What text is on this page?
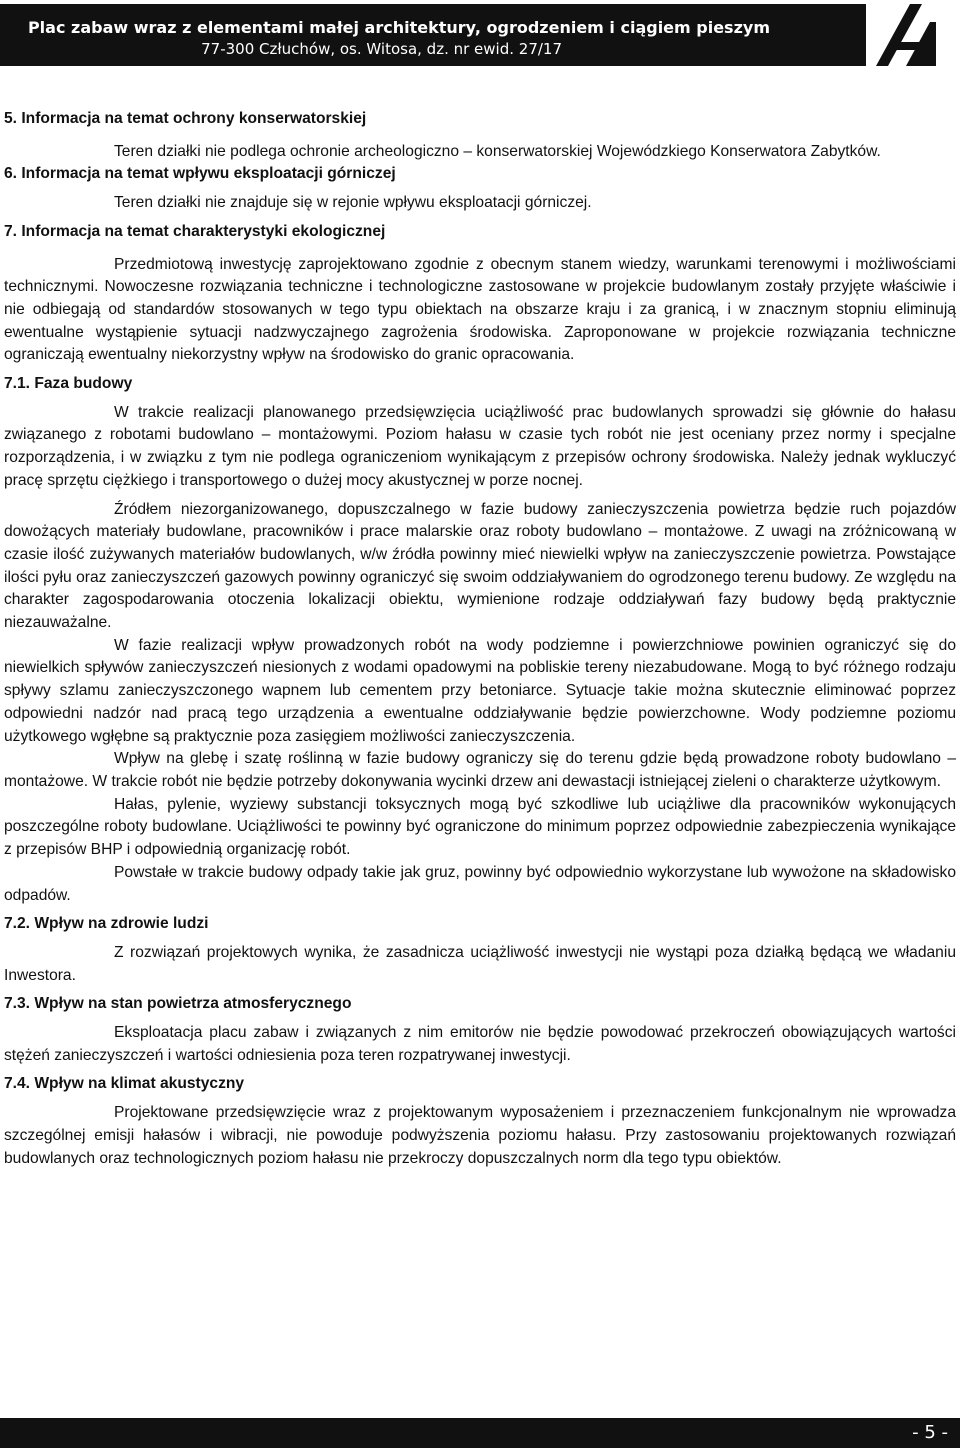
Plac zabaw wraz z elementami małej architektury, ogrodzeniem i ciągiem pieszym
77-300 Człuchów, os. Witosa, dz. nr ewid. 27/17
5. Informacja na temat ochrony konserwatorskiej

Teren działki nie podlega ochronie archeologiczno – konserwatorskiej Wojewódzkiego Konserwatora Zabytków.

6. Informacja na temat wpływu eksploatacji górniczej

Teren działki nie znajduje się w rejonie wpływu eksploatacji górniczej.

7. Informacja na temat charakterystyki ekologicznej

Przedmiotową inwestycję zaprojektowano zgodnie z obecnym stanem wiedzy, warunkami terenowymi i możliwościami technicznymi. Nowoczesne rozwiązania techniczne i technologiczne zastosowane w projekcie budowlanym zostały przyjęte właściwie i nie odbiegają od standardów stosowanych w tego typu obiektach na obszarze kraju i za granicą, i w znacznym stopniu eliminują ewentualne wystąpienie sytuacji nadzwyczajnego zagrożenia środowiska. Zaproponowane w projekcie rozwiązania techniczne ograniczają ewentualny niekorzystny wpływ na środowisko do granic opracowania.

7.1. Faza budowy

W trakcie realizacji planowanego przedsięwzięcia uciążliwość prac budowlanych sprowadzi się głównie do hałasu związanego z robotami budowlano – montażowymi. Poziom hałasu w czasie tych robót nie jest oceniany przez normy i specjalne rozporządzenia, i w związku z tym nie podlega ograniczeniom wynikającym z przepisów ochrony środowiska. Należy jednak wykluczyć pracę sprzętu ciężkiego i transportowego o dużej mocy akustycznej w porze nocnej.

Źródłem niezorganizowanego, dopuszczalnego w fazie budowy zanieczyszczenia powietrza będzie ruch pojazdów dowożących materiały budowlane, pracowników i prace malarskie oraz roboty budowlano – montażowe. Z uwagi na zróżnicowaną w czasie ilość zużywanych materiałów budowlanych, w/w źródła powinny mieć niewielki wpływ na zanieczyszczenie powietrza. Powstające ilości pyłu oraz zanieczyszczeń gazowych powinny ograniczyć się swoim oddziaływaniem do ogrodzonego terenu budowy. Ze względu na charakter zagospodarowania otoczenia lokalizacji obiektu, wymienione rodzaje oddziaływań fazy budowy będą praktycznie niezauważalne.

W fazie realizacji wpływ prowadzonych robót na wody podziemne i powierzchniowe powinien ograniczyć się do niewielkich spływów zanieczyszczeń niesionych z wodami opadowymi na pobliskie tereny niezabudowane. Mogą to być różnego rodzaju spływy szlamu zanieczyszczonego wapnem lub cementem przy betoniarce. Sytuacje takie można skutecznie eliminować poprzez odpowiedni nadzór nad pracą tego urządzenia a ewentualne oddziaływanie będzie powierzchowne. Wody podziemne poziomu użytkowego wgłębne są praktycznie poza zasięgiem możliwości zanieczyszczenia.

Wpływ na glebę i szatę roślinną w fazie budowy ograniczy się do terenu gdzie będą prowadzone roboty budowlano – montażowe. W trakcie robót nie będzie potrzeby dokonywania wycinki drzew ani dewastacji istniejącej zieleni o charakterze użytkowym.

Hałas, pylenie, wyziewy substancji toksycznych mogą być szkodliwe lub uciążliwe dla pracowników wykonujących poszczególne roboty budowlane. Uciążliwości te powinny być ograniczone do minimum poprzez odpowiednie zabezpieczenia wynikające z przepisów BHP i odpowiednią organizację robót.

Powstałe w trakcie budowy odpady takie jak gruz, powinny być odpowiednio wykorzystane lub wywożone na składowisko odpadów.

7.2. Wpływ na zdrowie ludzi

Z rozwiązań projektowych wynika, że zasadnicza uciążliwość inwestycji nie wystąpi poza działką będącą we władaniu Inwestora.

7.3. Wpływ na stan powietrza atmosferycznego

Eksploatacja placu zabaw i związanych z nim emitorów nie będzie powodować przekroczeń obowiązujących wartości stężeń zanieczyszczeń i wartości odniesienia poza teren rozpatrywanej inwestycji.

7.4. Wpływ na klimat akustyczny

Projektowane przedsięwzięcie wraz z projektowanym wyposażeniem i przeznaczeniem funkcjonalnym nie wprowadza szczególnej emisji hałasów i wibracji, nie powoduje podwyższenia poziomu hałasu. Przy zastosowaniu projektowanych rozwiązań budowlanych oraz technologicznych poziom hałasu nie przekroczy dopuszczalnych norm dla tego typu obiektów.

- 5 -
